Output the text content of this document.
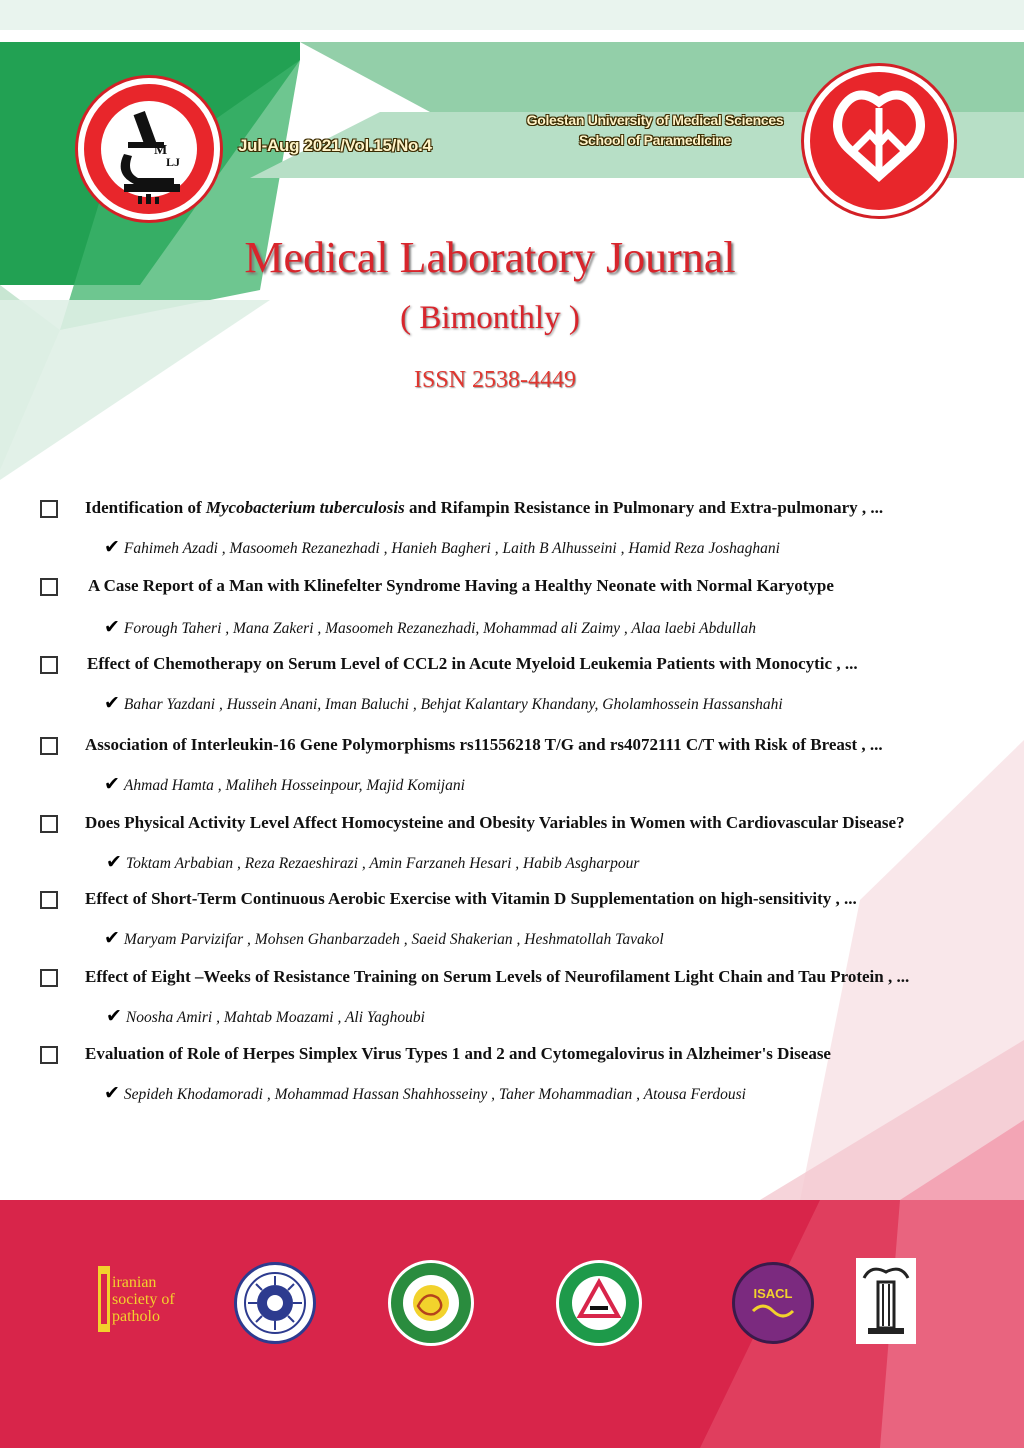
M
LJ
Jul-Aug 2021/Vol.15/No.4
Golestan University of Medical Sciences
School of Paramedicine
Medical Laboratory Journal
( Bimonthly )
ISSN 2538-4449
Identification of Mycobacterium tuberculosis and Rifampin Resistance in Pulmonary and Extra-pulmonary , ...
✔ Fahimeh Azadi , Masoomeh Rezanezhadi , Hanieh Bagheri , Laith B Alhusseini , Hamid Reza Joshaghani
A Case Report of a Man with Klinefelter Syndrome Having a Healthy Neonate with Normal Karyotype
✔ Forough Taheri , Mana Zakeri , Masoomeh Rezanezhadi, Mohammad ali Zaimy , Alaa laebi Abdullah
Effect of Chemotherapy on Serum Level of CCL2 in Acute Myeloid Leukemia Patients with Monocytic , ...
✔ Bahar Yazdani , Hussein Anani, Iman Baluchi , Behjat Kalantary Khandany, Gholamhossein Hassanshahi
Association of Interleukin-16 Gene Polymorphisms rs11556218 T/G and rs4072111 C/T with Risk of Breast , ...
✔ Ahmad Hamta , Maliheh Hosseinpour, Majid Komijani
Does Physical Activity Level Affect Homocysteine and Obesity Variables in Women with Cardiovascular Disease?
✔ Toktam Arbabian , Reza Rezaeshirazi , Amin Farzaneh Hesari , Habib Asgharpour
Effect of Short-Term Continuous Aerobic Exercise with Vitamin D Supplementation on high-sensitivity , ...
✔ Maryam Parvizifar , Mohsen Ghanbarzadeh , Saeid Shakerian , Heshmatollah Tavakol
Effect of Eight –Weeks of Resistance Training on Serum Levels of Neurofilament Light Chain and Tau Protein , ...
✔ Noosha Amiri , Mahtab Moazami , Ali Yaghoubi
Evaluation of Role of Herpes Simplex Virus Types 1 and 2 and Cytomegalovirus in Alzheimer's Disease
✔ Sepideh Khodamoradi , Mohammad Hassan Shahhosseiny , Taher Mohammadian , Atousa Ferdousi
iranian
society of
patholo
ISACL
